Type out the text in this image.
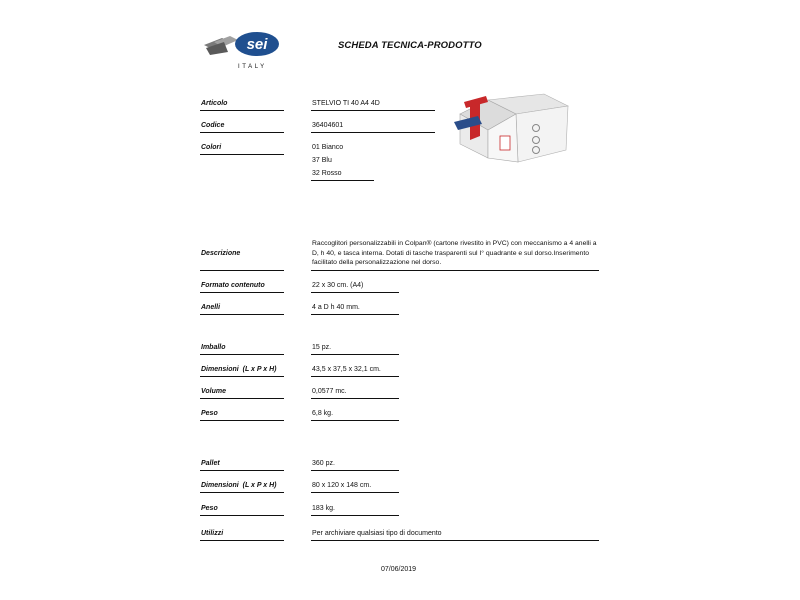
sei
ITALY
SCHEDA TECNICA-PRODOTTO
Articolo	STELVIO TI 40 A4 4D
Codice	36404601
Colori	01 Bianco
37 Blu
32 Rosso
Descrizione
Raccoglitori personalizzabili in Colpan® (cartone rivestito in PVC) con meccanismo a 4 anelli a D, h 40, e tasca interna. Dotati di tasche trasparenti sul I° quadrante e sul dorso.Inserimento facilitato della personalizzazione nel dorso.
Formato contenuto	22 x 30 cm. (A4)
Anelli	4 a D h 40 mm.
Imballo	15 pz.
Dimensioni  (L x P x H)	43,5 x 37,5 x 32,1 cm.
Volume	0,0577 mc.
Peso	6,8 kg.
Pallet	360 pz.
Dimensioni  (L x P x H)	80 x 120 x 148 cm.
Peso	183 kg.
Utilizzi	Per archiviare qualsiasi tipo di documento
07/06/2019
